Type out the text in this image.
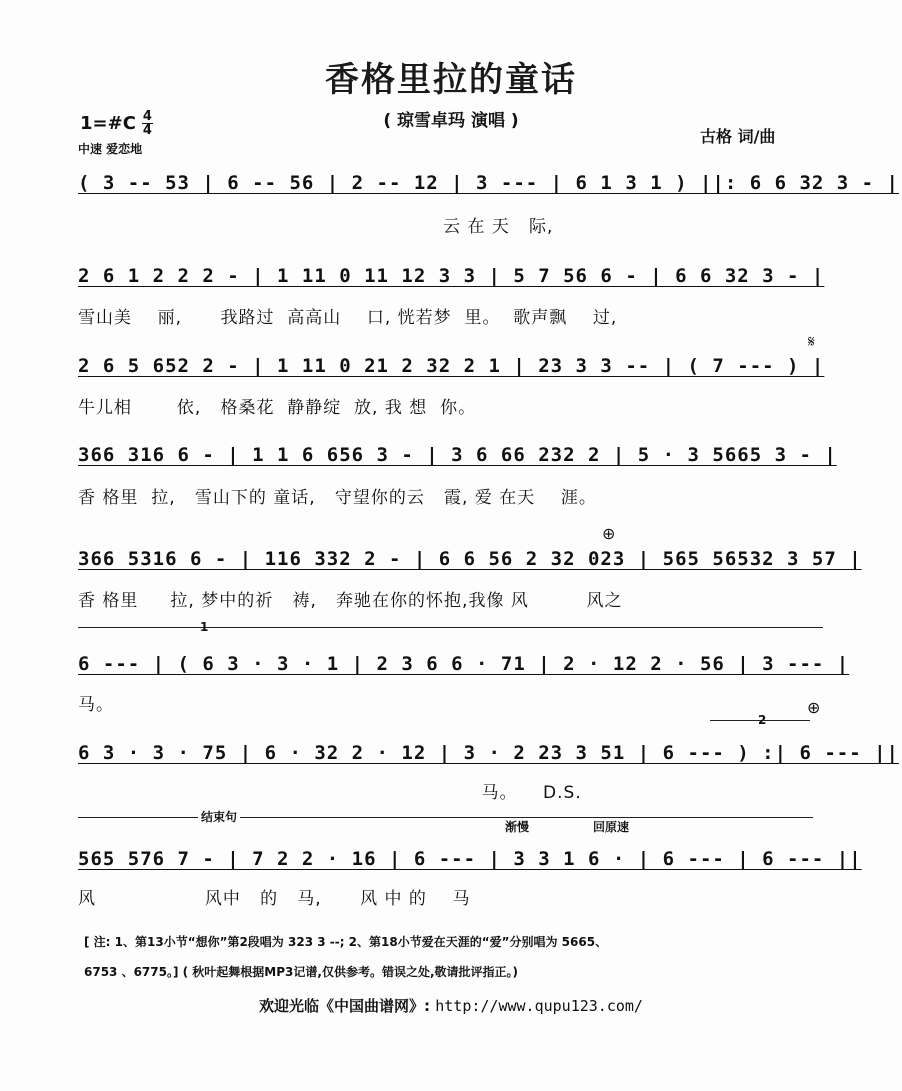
香格里拉的童话
( 琼雪卓玛 演唱 )
1=#C 4
4
中速 爱恋地
古格 词/曲
( 3 -- 53 | 6 -- 56 | 2 -- 12 | 3 --- | 6 1 3 1 ) ||: 6 6 32 3 - |
云 在 天   际,
2 6 1 2 2 2 - | 1 11 0 11 12 3 3 | 5 7 56 6 - | 6 6 32 3 - |
雪山美    丽,      我路过  高高山    口, 恍若梦  里。  歌声飘    过,
2 6 5 652 2 - | 1 11 0 21 2 32 2 1 | 23 3 3 -- | ( 7 --- ) |
牛儿相       依,   格桑花  静静绽  放, 我 想  你。
𝄋
366 316 6 - | 1 1 6 656 3 - | 3 6 66 232 2 | 5 · 3 5665 3 - |
香 格里  拉,   雪山下的 童话,   守望你的云   霞, 爱 在天    涯。
⊕
366 5316 6 - | 116 332 2 - | 6 6 56 2 32 023 | 565 56532 3 57 |
香 格里     拉, 梦中的祈   祷,   奔驰在你的怀抱,我像 风         风之
1
6 --- | ( 6 3 · 3 · 1 | 2 3 6 6 · 71 | 2 · 12 2 · 56 | 3 --- |
马。
2
⊕
6 3 · 3 · 75 | 6 · 32 2 · 12 | 3 · 2 23 3 51 | 6 --- ) :| 6 --- ||
马。    D.S.
结束句
渐慢	回原速
565 576 7 - | 7 2 2 · 16 | 6 --- | 3 3 1 6 · | 6 --- | 6 --- ||
风                 风中   的   马,      风 中 的    马
[ 注: 1、第13小节“想你”第2段唱为 323 3 --; 2、第18小节爱在天涯的“爱”分别唱为 5665、
6753 、6775。] ( 秋叶起舞根据MP3记谱,仅供参考。错误之处,敬请批评指正。)
欢迎光临《中国曲谱网》: http://www.qupu123.com/
